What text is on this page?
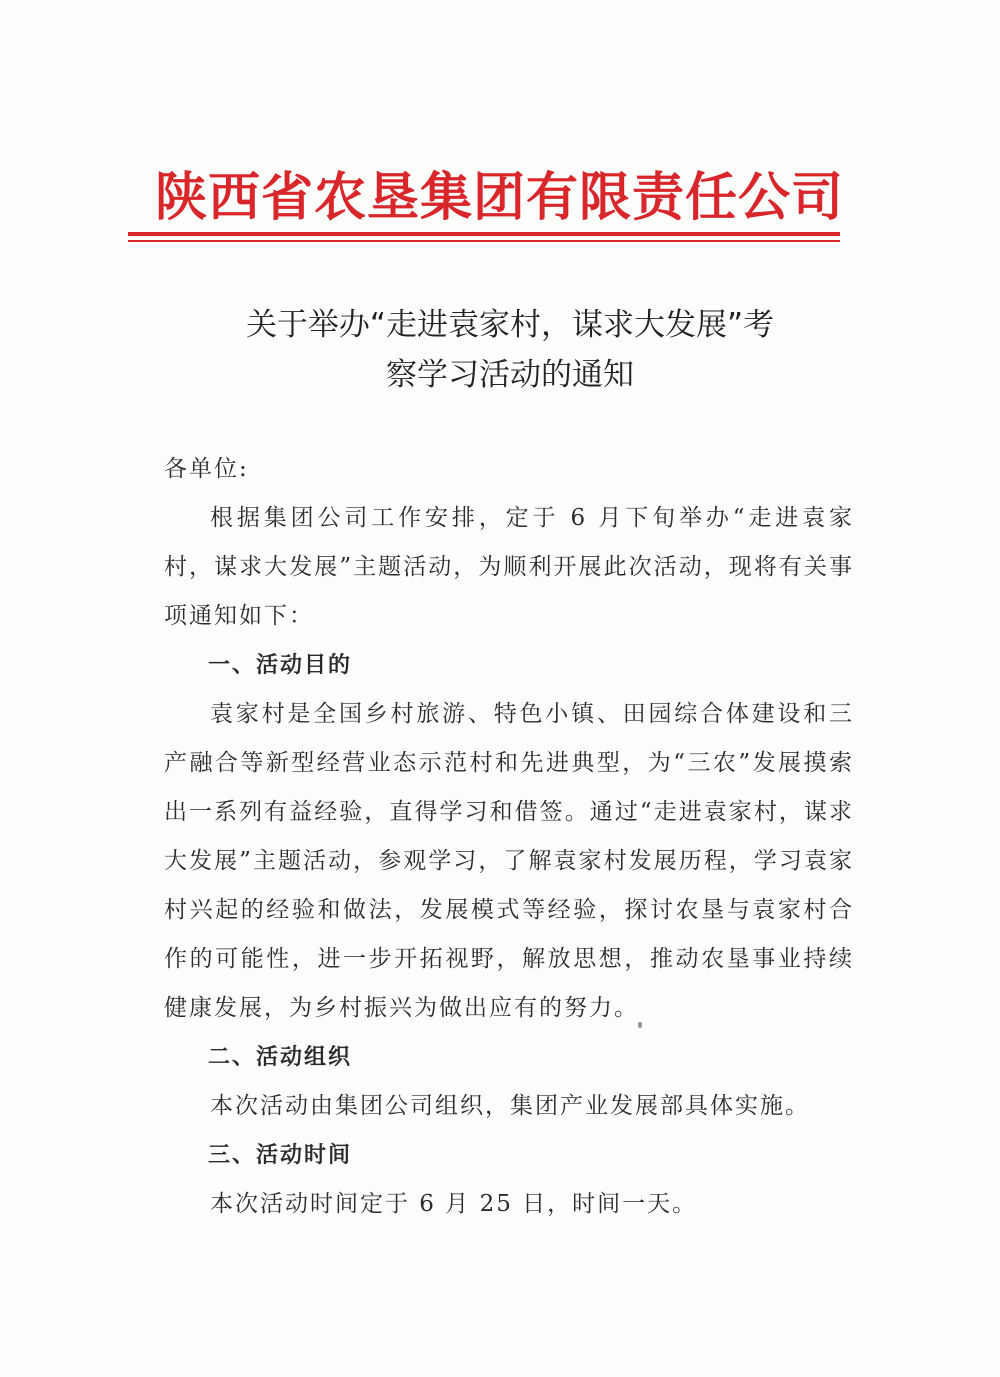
陕西省农垦集团有限责任公司
关于举办“走进袁家村，谋求大发展”考
察学习活动的通知

各单位:

根据集团公司工作安排，定于 6 月下旬举办“走进袁家村，谋求大发展”主题活动，为顺利开展此次活动，现将有关事项通知如下：

一、活动目的

袁家村是全国乡村旅游、特色小镇、田园综合体建设和三产融合等新型经营业态示范村和先进典型，为“三农”发展摸索出一系列有益经验，直得学习和借签。通过“走进袁家村，谋求大发展”主题活动，参观学习，了解袁家村发展历程，学习袁家村兴起的经验和做法，发展模式等经验，探讨农垦与袁家村合作的可能性，进一步开拓视野，解放思想，推动农垦事业持续健康发展，为乡村振兴为做出应有的努力。

二、活动组织

本次活动由集团公司组织，集团产业发展部具体实施。

三、活动时间

本次活动时间定于 6 月 25 日，时间一天。
